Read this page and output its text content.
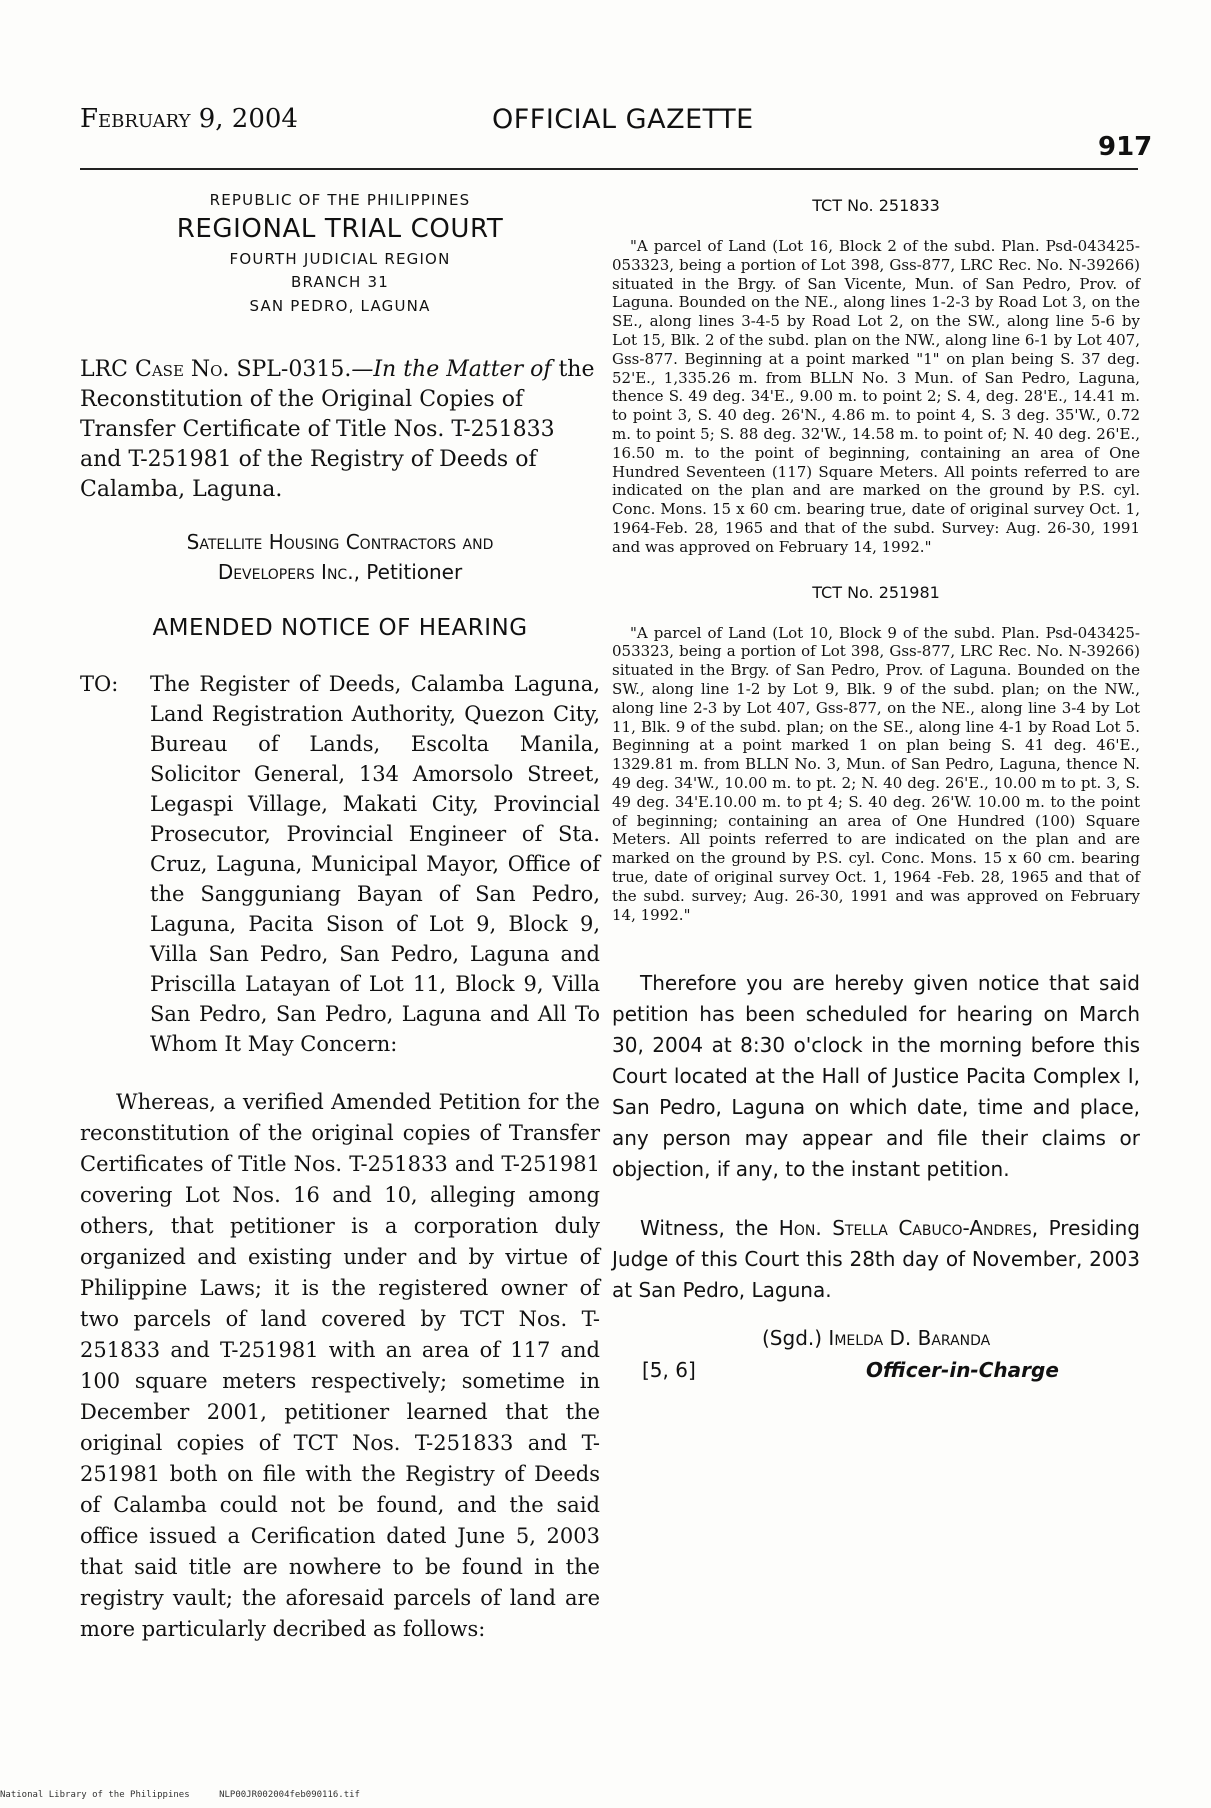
February 9, 2004	OFFICIAL GAZETTE
917
REPUBLIC OF THE PHILIPPINES
REGIONAL TRIAL COURT
FOURTH JUDICIAL REGION
BRANCH 31
SAN PEDRO, LAGUNA

LRC Case No. SPL-0315.—In the Matter of the Reconstitution of the Original Copies of Transfer Certificate of Title Nos. T-251833 and T-251981 of the Registry of Deeds of Calamba, Laguna.

Satellite Housing Contractors and
Developers Inc., Petitioner
AMENDED NOTICE OF HEARING
TO:	The Register of Deeds, Calamba Laguna, Land Registration Authority, Quezon City, Bureau of Lands, Escolta Manila, Solicitor General, 134 Amorsolo Street, Legaspi Village, Makati City, Provincial Prosecutor, Provincial Engineer of Sta. Cruz, Laguna, Municipal Mayor, Office of the Sangguniang Bayan of San Pedro, Laguna, Pacita Sison of Lot 9, Block 9, Villa San Pedro, San Pedro, Laguna and Priscilla Latayan of Lot 11, Block 9, Villa San Pedro, San Pedro, Laguna and All To Whom It May Concern:

Whereas, a verified Amended Petition for the reconstitution of the original copies of Transfer Certificates of Title Nos. T-251833 and T-251981 covering Lot Nos. 16 and 10, alleging among others, that petitioner is a corporation duly organized and existing under and by virtue of Philippine Laws; it is the registered owner of two parcels of land covered by TCT Nos. T-251833 and T-251981 with an area of 117 and 100 square meters respectively; sometime in December 2001, petitioner learned that the original copies of TCT Nos. T-251833 and T-251981 both on file with the Registry of Deeds of Calamba could not be found, and the said office issued a Cerification dated June 5, 2003 that said title are nowhere to be found in the registry vault; the aforesaid parcels of land are more particularly decribed as follows:

TCT No. 251833

"A parcel of Land (Lot 16, Block 2 of the subd. Plan. Psd-043425-053323, being a portion of Lot 398, Gss-877, LRC Rec. No. N-39266) situated in the Brgy. of San Vicente, Mun. of San Pedro, Prov. of Laguna. Bounded on the NE., along lines 1-2-3 by Road Lot 3, on the SE., along lines 3-4-5 by Road Lot 2, on the SW., along line 5-6 by Lot 15, Blk. 2 of the subd. plan on the NW., along line 6-1 by Lot 407, Gss-877. Beginning at a point marked "1" on plan being S. 37 deg. 52'E., 1,335.26 m. from BLLN No. 3 Mun. of San Pedro, Laguna, thence S. 49 deg. 34'E., 9.00 m. to point 2; S. 4, deg. 28'E., 14.41 m. to point 3, S. 40 deg. 26'N., 4.86 m. to point 4, S. 3 deg. 35'W., 0.72 m. to point 5; S. 88 deg. 32'W., 14.58 m. to point of; N. 40 deg. 26'E., 16.50 m. to the point of beginning, containing an area of One Hundred Seventeen (117) Square Meters. All points referred to are indicated on the plan and are marked on the ground by P.S. cyl. Conc. Mons. 15 x 60 cm. bearing true, date of original survey Oct. 1, 1964-Feb. 28, 1965 and that of the subd. Survey: Aug. 26-30, 1991 and was approved on February 14, 1992."

TCT No. 251981

"A parcel of Land (Lot 10, Block 9 of the subd. Plan. Psd-043425-053323, being a portion of Lot 398, Gss-877, LRC Rec. No. N-39266) situated in the Brgy. of San Pedro, Prov. of Laguna. Bounded on the SW., along line 1-2 by Lot 9, Blk. 9 of the subd. plan; on the NW., along line 2-3 by Lot 407, Gss-877, on the NE., along line 3-4 by Lot 11, Blk. 9 of the subd. plan; on the SE., along line 4-1 by Road Lot 5. Beginning at a point marked 1 on plan being S. 41 deg. 46'E., 1329.81 m. from BLLN No. 3, Mun. of San Pedro, Laguna, thence N. 49 deg. 34'W., 10.00 m. to pt. 2; N. 40 deg. 26'E., 10.00 m to pt. 3, S. 49 deg. 34'E.10.00 m. to pt 4; S. 40 deg. 26'W. 10.00 m. to the point of beginning; containing an area of One Hundred (100) Square Meters. All points referred to are indicated on the plan and are marked on the ground by P.S. cyl. Conc. Mons. 15 x 60 cm. bearing true, date of original survey Oct. 1, 1964 -Feb. 28, 1965 and that of the subd. survey; Aug. 26-30, 1991 and was approved on February 14, 1992."

Therefore you are hereby given notice that said petition has been scheduled for hearing on March 30, 2004 at 8:30 o'clock in the morning before this Court located at the Hall of Justice Pacita Complex I, San Pedro, Laguna on which date, time and place, any person may appear and file their claims or objection, if any, to the instant petition.

Witness, the Hon. Stella Cabuco-Andres, Presiding Judge of this Court this 28th day of November, 2003 at San Pedro, Laguna.

(Sgd.) Imelda D. Baranda
[5, 6]	Officer-in-Charge
National Library of the Philippines	NLP00JR002004feb090116.tif
